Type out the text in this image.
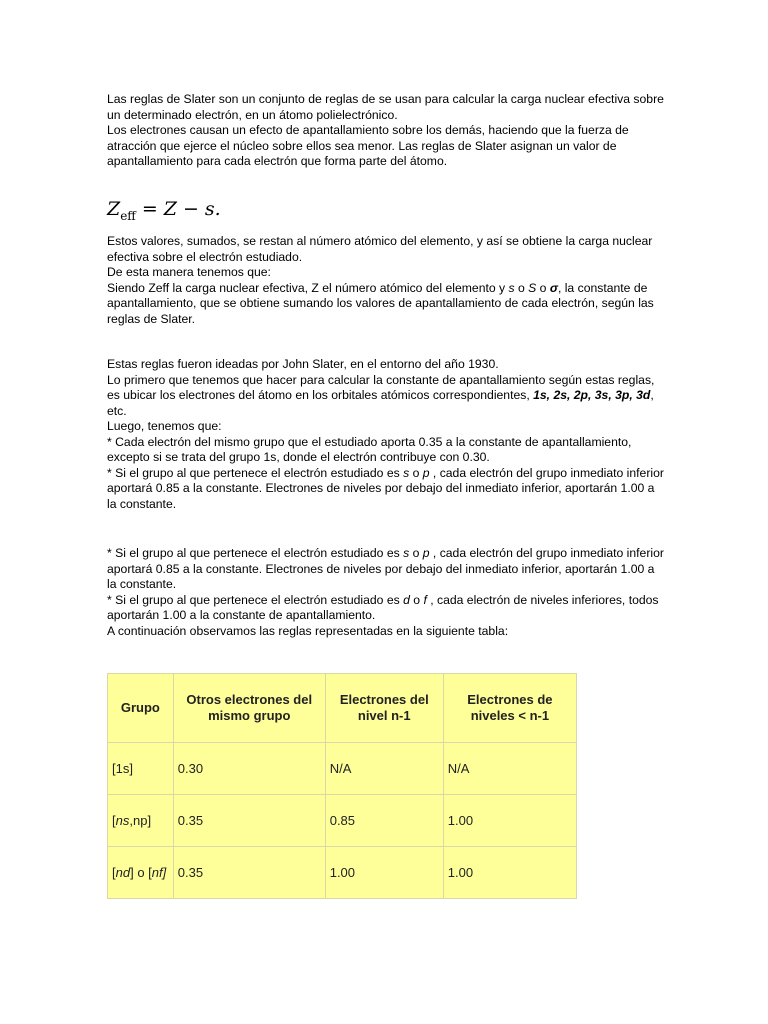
Las reglas de Slater son un conjunto de reglas de se usan para calcular la carga nuclear efectiva sobre un determinado electrón, en un átomo polielectrónico.

Los electrones causan un efecto de apantallamiento sobre los demás, haciendo que la fuerza de atracción que ejerce el núcleo sobre ellos sea menor. Las reglas de Slater asignan un valor de apantallamiento para cada electrón que forma parte del átomo.

$Z_{eff} = Z - s$.

Estos valores, sumados, se restan al número atómico del elemento, y así se obtiene la carga nuclear efectiva sobre el electrón estudiado.

De esta manera tenemos que:

Siendo Zeff la carga nuclear efectiva, Z el número atómico del elemento y s o S o σ, la constante de apantallamiento, que se obtiene sumando los valores de apantallamiento de cada electrón, según las reglas de Slater.

Estas reglas fueron ideadas por John Slater, en el entorno del año 1930.

Lo primero que tenemos que hacer para calcular la constante de apantallamiento según estas reglas, es ubicar los electrones del átomo en los orbitales atómicos correspondientes, 1s, 2s, 2p, 3s, 3p, 3d, etc.

Luego, tenemos que:

* Cada electrón del mismo grupo que el estudiado aporta 0.35 a la constante de apantallamiento, excepto si se trata del grupo 1s, donde el electrón contribuye con 0.30.

* Si el grupo al que pertenece el electrón estudiado es s o p , cada electrón del grupo inmediato inferior aportará 0.85 a la constante. Electrones de niveles por debajo del inmediato inferior, aportarán 1.00 a la constante.

* Si el grupo al que pertenece el electrón estudiado es s o p , cada electrón del grupo inmediato inferior aportará 0.85 a la constante. Electrones de niveles por debajo del inmediato inferior, aportarán 1.00 a la constante.

* Si el grupo al que pertenece el electrón estudiado es d o f , cada electrón de niveles inferiores, todos aportarán 1.00 a la constante de apantallamiento.

A continuación observamos las reglas representadas en la siguiente tabla:

Grupo	Otros electrones del mismo grupo	Electrones del nivel n-1	Electrones de niveles < n-1
[1s]	0.30	N/A	N/A
[ns,np]	0.35	0.85	1.00
[nd] o [nf]	0.35	1.00	1.00
